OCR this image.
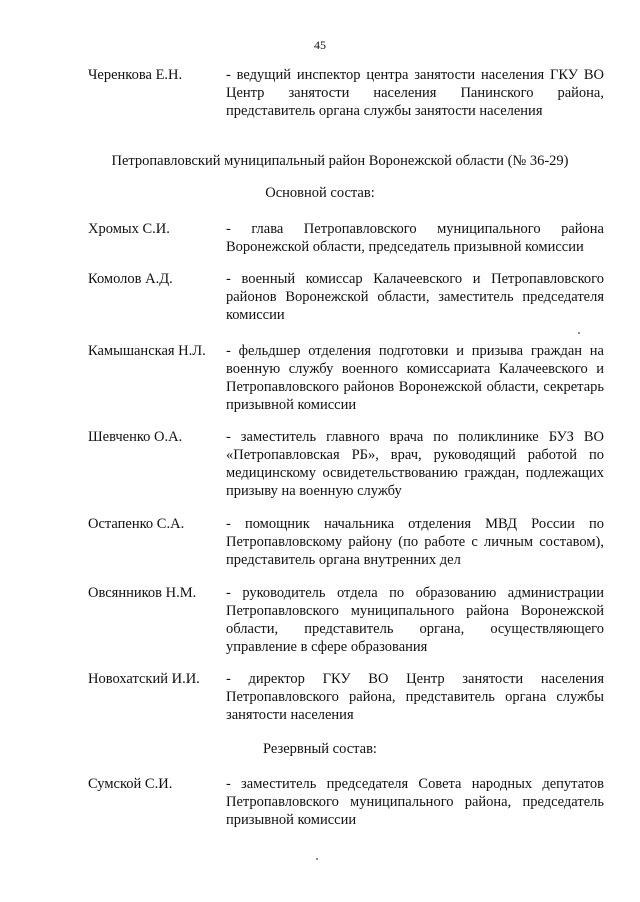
45
Черенкова Е.Н.	- ведущий инспектор центра занятости населения ГКУ ВО Центр занятости населения Панинского района, представитель органа службы занятости населения
Петропавловский муниципальный район Воронежской области (№ 36-29)
Основной состав:
Хромых С.И.	- глава Петропавловского муниципального района Воронежской области, председатель призывной комиссии
Комолов А.Д.	- военный комиссар Калачеевского и Петропавловского районов Воронежской области, заместитель председателя комиссии
Камышанская Н.Л.	- фельдшер отделения подготовки и призыва граждан на военную службу военного комиссариата Калачеевского и Петропавловского районов Воронежской области, секретарь призывной комиссии
Шевченко О.А.	- заместитель главного врача по поликлинике БУЗ ВО «Петропавловская РБ», врач, руководящий работой по медицинскому освидетельствованию граждан, подлежащих призыву на военную службу
Остапенко С.А.	- помощник начальника отделения МВД России по Петропавловскому району (по работе с личным составом), представитель органа внутренних дел
Овсянников Н.М.	- руководитель отдела по образованию администрации Петропавловского муниципального района Воронежской области, представитель органа, осуществляющего управление в сфере образования
Новохатский И.И.	- директор ГКУ ВО Центр занятости населения Петропавловского района, представитель органа службы занятости населения
Резервный состав:
Сумской С.И.	- заместитель председателя Совета народных депутатов Петропавловского муниципального района, председатель призывной комиссии
